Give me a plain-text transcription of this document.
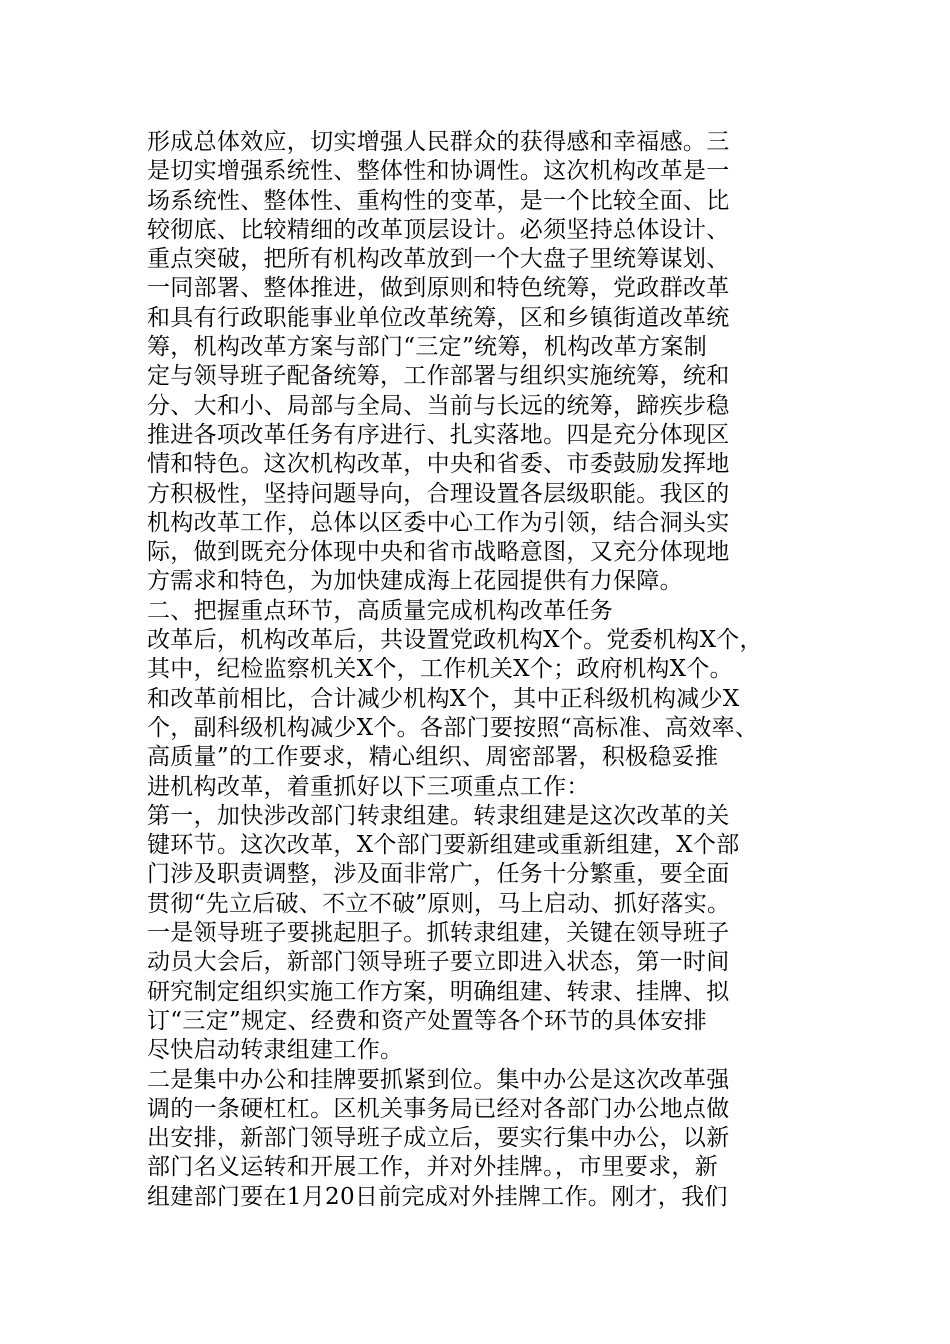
形成总体效应，切实增强人民群众的获得感和幸福感。三
是切实增强系统性、整体性和协调性。这次机构改革是一
场系统性、整体性、重构性的变革，是一个比较全面、比
较彻底、比较精细的改革顶层设计。必须坚持总体设计、
重点突破，把所有机构改革放到一个大盘子里统筹谋划、
一同部署、整体推进，做到原则和特色统筹，党政群改革
和具有行政职能事业单位改革统筹，区和乡镇街道改革统
筹，机构改革方案与部门“三定”统筹，机构改革方案制
定与领导班子配备统筹，工作部署与组织实施统筹，统和
分、大和小、局部与全局、当前与长远的统筹，蹄疾步稳
推进各项改革任务有序进行、扎实落地。四是充分体现区
情和特色。这次机构改革，中央和省委、市委鼓励发挥地
方积极性，坚持问题导向，合理设置各层级职能。我区的
机构改革工作，总体以区委中心工作为引领，结合洞头实
际，做到既充分体现中央和省市战略意图，又充分体现地
方需求和特色，为加快建成海上花园提供有力保障。
二、把握重点环节，高质量完成机构改革任务
改革后，机构改革后，共设置党政机构X个。党委机构X个，
其中，纪检监察机关X个，工作机关X个；政府机构X个。
和改革前相比，合计减少机构X个，其中正科级机构减少X
个，副科级机构减少X个。各部门要按照“高标准、高效率、
高质量”的工作要求，精心组织、周密部署，积极稳妥推
进机构改革，着重抓好以下三项重点工作：
第一，加快涉改部门转隶组建。转隶组建是这次改革的关
键环节。这次改革，X个部门要新组建或重新组建，X个部
门涉及职责调整，涉及面非常广，任务十分繁重，要全面
贯彻“先立后破、不立不破”原则，马上启动、抓好落实。
一是领导班子要挑起胆子。抓转隶组建，关键在领导班子
动员大会后，新部门领导班子要立即进入状态，第一时间
研究制定组织实施工作方案，明确组建、转隶、挂牌、拟
订“三定”规定、经费和资产处置等各个环节的具体安排
尽快启动转隶组建工作。
二是集中办公和挂牌要抓紧到位。集中办公是这次改革强
调的一条硬杠杠。区机关事务局已经对各部门办公地点做
出安排，新部门领导班子成立后，要实行集中办公，以新
部门名义运转和开展工作，并对外挂牌。，市里要求，新
组建部门要在1月20日前完成对外挂牌工作。刚才，我们
